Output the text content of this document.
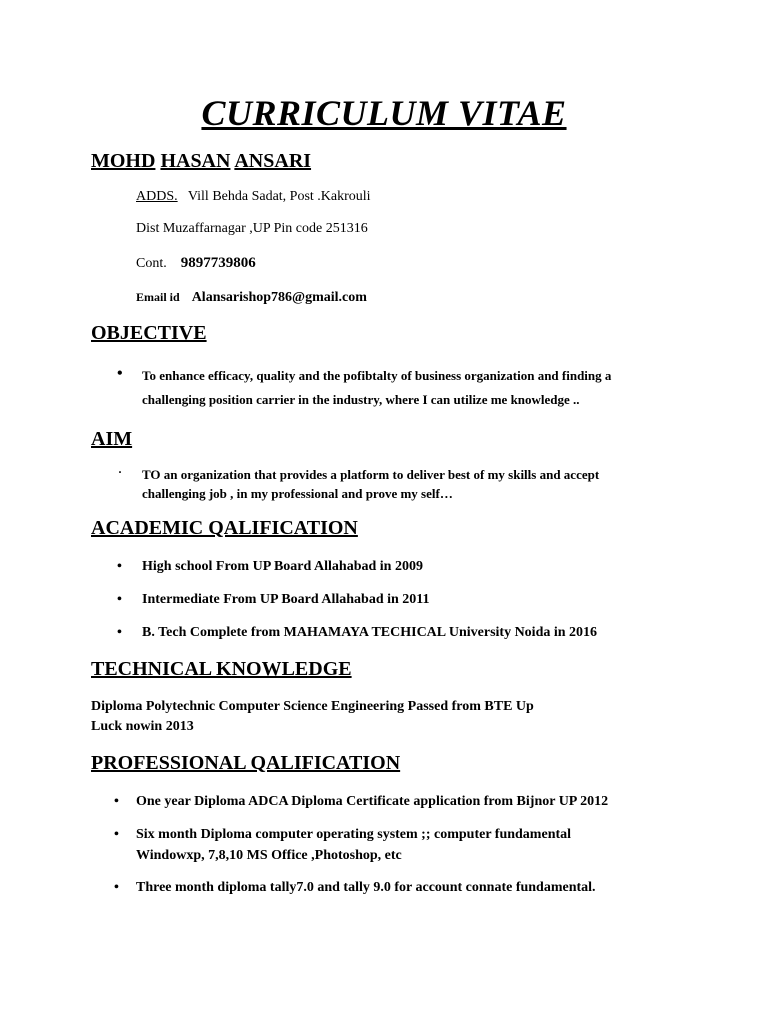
CURRICULUM VITAE
MOHD HASAN ANSARI
ADDS. Vill Behda Sadat, Post .Kakrouli
Dist Muzaffarnagar ,UP Pin code 251316
Cont. 9897739806
Email id Alansarishop786@gmail.com
OBJECTIVE
• To enhance efficacy, quality and the pofibtalty of business organization and finding a
challenging position carrier in the industry, where I can utilize me knowledge ..
AIM
· TO an organization that provides a platform to deliver best of my skills and accept
challenging job , in my professional and prove my self…
ACADEMIC QALIFICATION
• High school From UP Board Allahabad in 2009
• Intermediate From UP Board Allahabad in 2011
• B. Tech Complete from MAHAMAYA TECHICAL University Noida in 2016
TECHNICAL KNOWLEDGE
Diploma Polytechnic Computer Science Engineering Passed from BTE Up
Luck nowin 2013
PROFESSIONAL QALIFICATION
• One year Diploma ADCA Diploma Certificate application from Bijnor UP 2012
• Six month Diploma computer operating system ;; computer fundamental
Windowxp, 7,8,10 MS Office ,Photoshop, etc
• Three month diploma tally7.0 and tally 9.0 for account connate fundamental.
